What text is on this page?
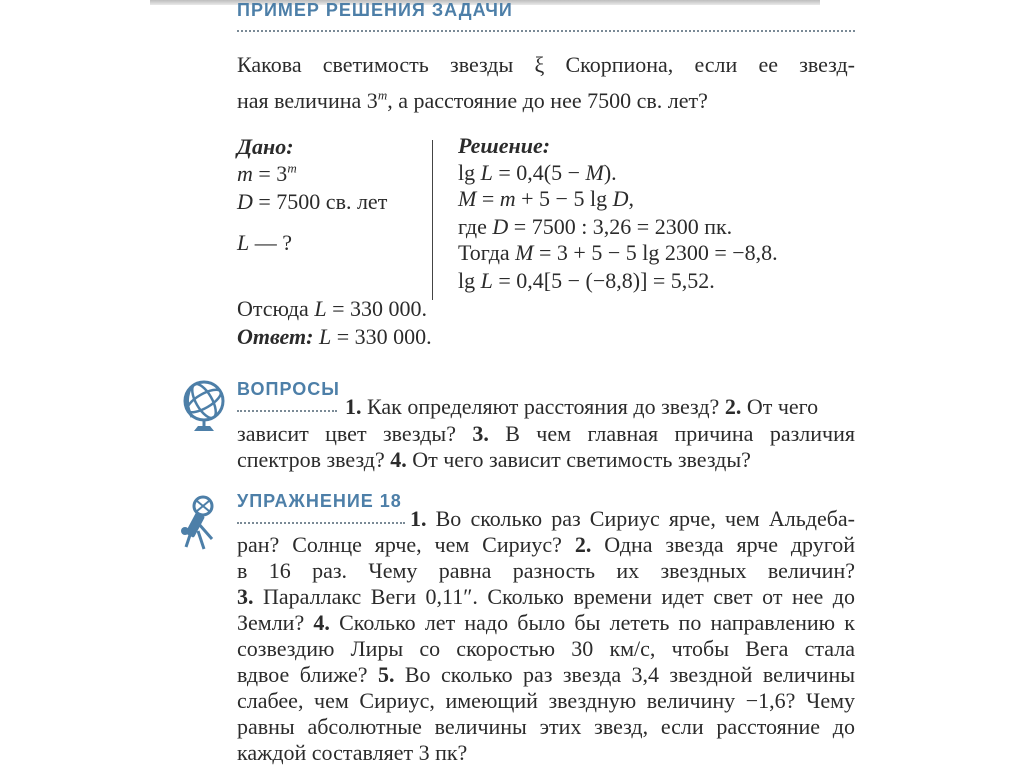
ПРИМЕР РЕШЕНИЯ ЗАДАЧИ
Какова светимость звезды ξ Скорпиона, если ее звезд-
ная величина 3$^m$, а расстояние до нее 7500 св. лет?
Дано:
$m = 3^m$
D = 7500 св. лет
L — ?
Решение:
lg L = 0,4(5 − M).
M = m + 5 − 5 lg D,
где D = 7500 : 3,26 = 2300 пк.
Тогда M = 3 + 5 − 5 lg 2300 = −8,8.
lg L = 0,4[5 − (−8,8)] = 5,52.
Отсюда L = 330 000.
Ответ: L = 330 000.
ВОПРОСЫ
1. Как определяют расстояния до звезд? 2. От чего
зависит цвет звезды? 3. В чем главная причина различия
спектров звезд? 4. От чего зависит светимость звезды?
УПРАЖНЕНИЕ 18
1. Во сколько раз Сириус ярче, чем Альдеба-
ран? Солнце ярче, чем Сириус? 2. Одна звезда ярче другой
в 16 раз. Чему равна разность их звездных величин?
3. Параллакс Веги 0,11″. Сколько времени идет свет от нее до
Земли? 4. Сколько лет надо было бы лететь по направлению к
созвездию Лиры со скоростью 30 км/с, чтобы Вега стала
вдвое ближе? 5. Во сколько раз звезда 3,4 звездной величины
слабее, чем Сириус, имеющий звездную величину −1,6? Чему
равны абсолютные величины этих звезд, если расстояние до
каждой составляет 3 пк?
